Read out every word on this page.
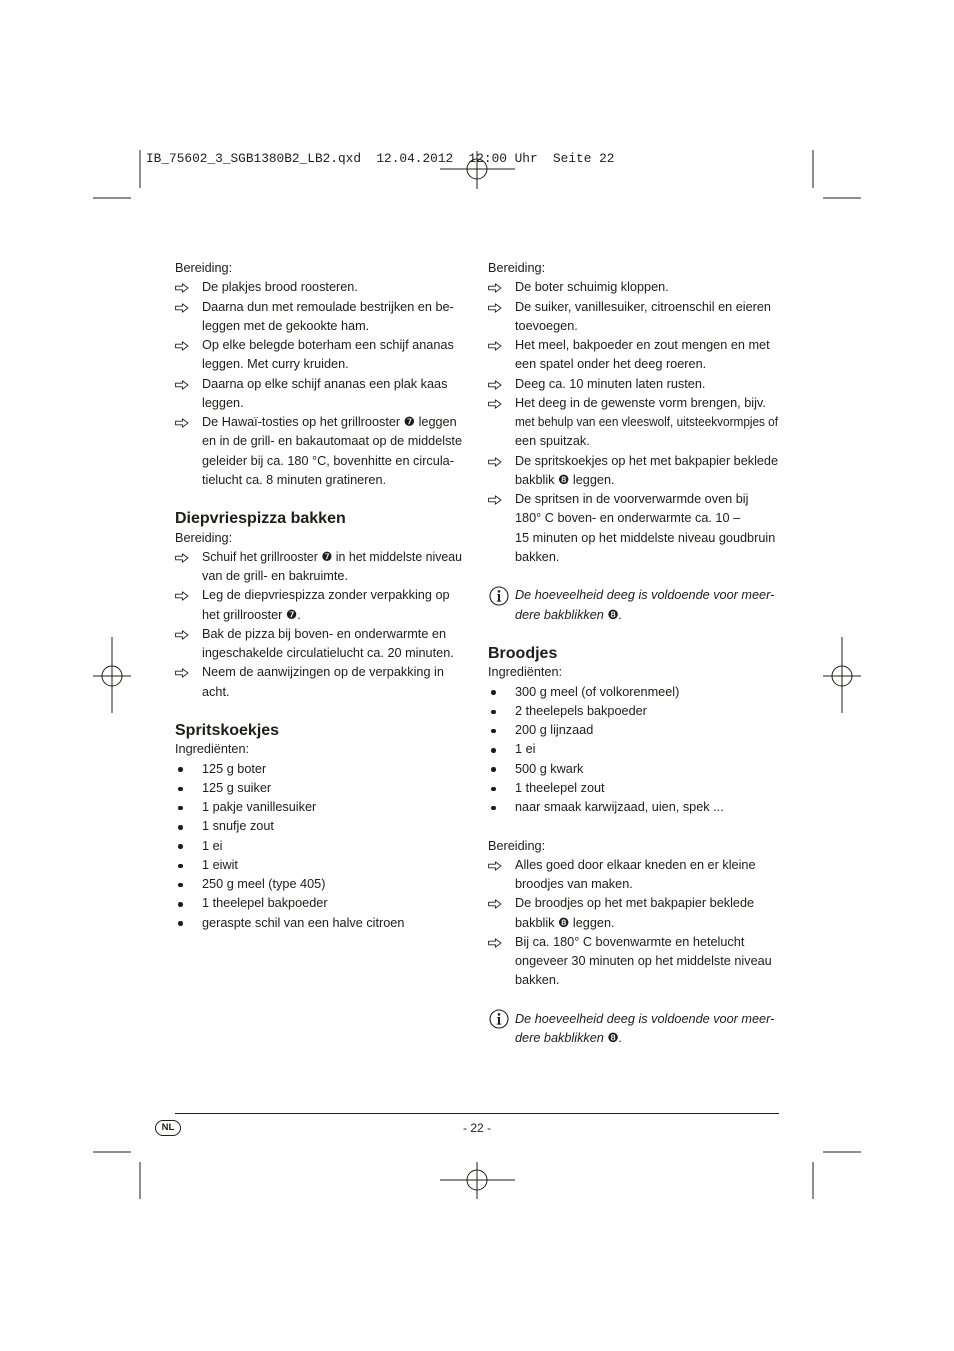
IB_75602_3_SGB1380B2_LB2.qxd  12.04.2012  12:00 Uhr  Seite 22
Bereiding:
De plakjes brood roosteren.
Daarna dun met remoulade bestrijken en be-
leggen met de gekookte ham.
Op elke belegde boterham een schijf ananas
leggen. Met curry kruiden.
Daarna op elke schijf ananas een plak kaas
leggen.
De Hawaï-tosties op het grillrooster ❼ leggen
en in de grill- en bakautomaat op de middelste
geleider bij ca. 180 °C, bovenhitte en circula-
tielucht ca. 8 minuten gratineren.
Diepvriespizza bakken
Bereiding:
Schuif het grillrooster ❼ in het middelste niveau
van de grill- en bakruimte.
Leg de diepvriespizza zonder verpakking op
het grillrooster ❼.
Bak de pizza bij boven- en onderwarmte en
ingeschakelde circulatielucht ca. 20 minuten.
Neem de aanwijzingen op de verpakking in
acht.
Spritskoekjes
Ingrediënten:
125 g boter
125 g suiker
1 pakje vanillesuiker
1 snufje zout
1 ei
1 eiwit
250 g meel (type 405)
1 theelepel bakpoeder
geraspte schil van een halve citroen
Bereiding:
De boter schuimig kloppen.
De suiker, vanillesuiker, citroenschil en eieren
toevoegen.
Het meel, bakpoeder en zout mengen en met
een spatel onder het deeg roeren.
Deeg ca. 10 minuten laten rusten.
Het deeg in de gewenste vorm brengen, bijv.
met behulp van een vleeswolf, uitsteekvormpjes of
een spuitzak.
De spritskoekjes op het met bakpapier beklede
bakblik ❽ leggen.
De spritsen in de voorverwarmde oven bij
180° C boven- en onderwarmte ca. 10 –
15 minuten op het middelste niveau goudbruin
bakken.
De hoeveelheid deeg is voldoende voor meer-
dere bakblikken ❽.
Broodjes
Ingrediënten:
300 g meel (of volkorenmeel)
2 theelepels bakpoeder
200 g lijnzaad
1 ei
500 g kwark
1 theelepel zout
naar smaak karwijzaad, uien, spek ...
Bereiding:
Alles goed door elkaar kneden en er kleine
broodjes van maken.
De broodjes op het met bakpapier beklede
bakblik ❽ leggen.
Bij ca. 180° C bovenwarmte en hetelucht
ongeveer 30 minuten op het middelste niveau
bakken.
De hoeveelheid deeg is voldoende voor meer-
dere bakblikken ❽.
NL	- 22 -
